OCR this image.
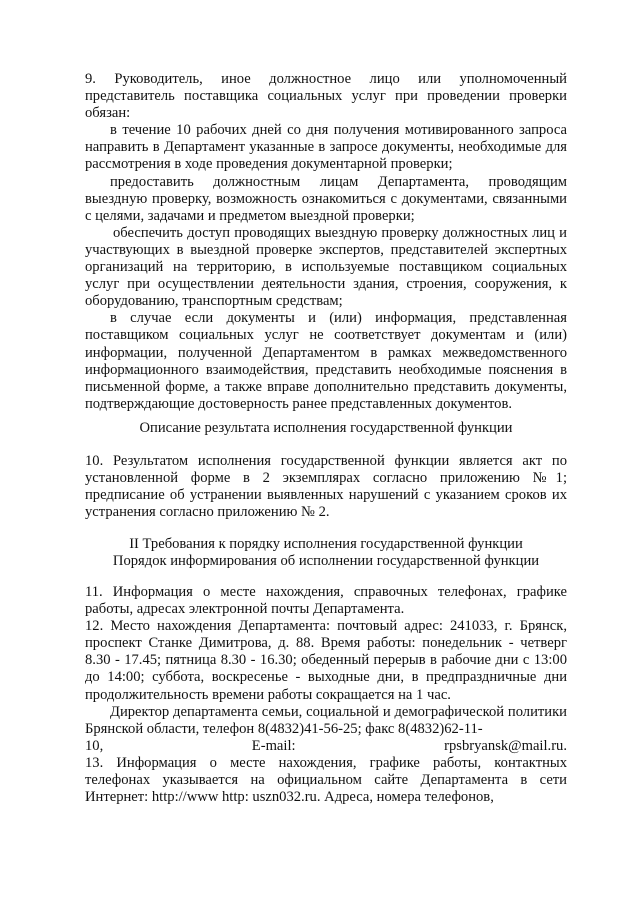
9. Руководитель, иное должностное лицо или уполномоченный представитель поставщика социальных услуг при проведении проверки обязан:

в течение 10 рабочих дней со дня получения мотивированного запроса направить в Департамент указанные в запросе документы, необходимые для рассмотрения в ходе проведения документарной проверки;

предоставить должностным лицам Департамента, проводящим выездную проверку, возможность ознакомиться с документами, связанными с целями, задачами и предметом выездной проверки;

обеспечить доступ проводящих выездную проверку должностных лиц и участвующих в выездной проверке экспертов, представителей экспертных организаций на территорию, в используемые поставщиком социальных услуг при осуществлении деятельности здания, строения, сооружения, к оборудованию, транспортным средствам;

в случае если документы и (или) информация, представленная поставщиком социальных услуг не соответствует документам и (или) информации, полученной Департаментом в рамках межведомственного информационного взаимодействия, представить необходимые пояснения в письменной форме, а также вправе дополнительно представить документы, подтверждающие достоверность ранее представленных документов.

Описание результата исполнения государственной функции

10. Результатом исполнения государственной функции является акт по установленной форме в 2 экземплярах согласно приложению №1; предписание об устранении выявленных нарушений с указанием сроков их устранения согласно приложению № 2.

II Требования к порядку исполнения государственной функции

Порядок информирования об исполнении государственной функции

11. Информация о месте нахождения, справочных телефонах, графике работы, адресах электронной почты Департамента.

12. Место нахождения Департамента: почтовый адрес: 241033, г. Брянск, проспект Станке Димитрова, д. 88. Время работы: понедельник - четверг 8.30 - 17.45; пятница 8.30 - 16.30; обеденный перерыв в рабочие дни с 13:00 до 14:00; суббота, воскресенье - выходные дни, в предпраздничные дни продолжительность времени работы сокращается на 1 час.

Директор департамента семьи, социальной и демографической политики Брянской области, телефон 8(4832)41-56-25; факс 8(4832)62-11-

10,	E-mail:	rpsbryansk@mail.ru.

13. Информация о месте нахождения, графике работы, контактных телефонах указывается на официальном сайте Департамента в сети Интернет: http://www http: uszn032.ru. Адреса, номера телефонов,
